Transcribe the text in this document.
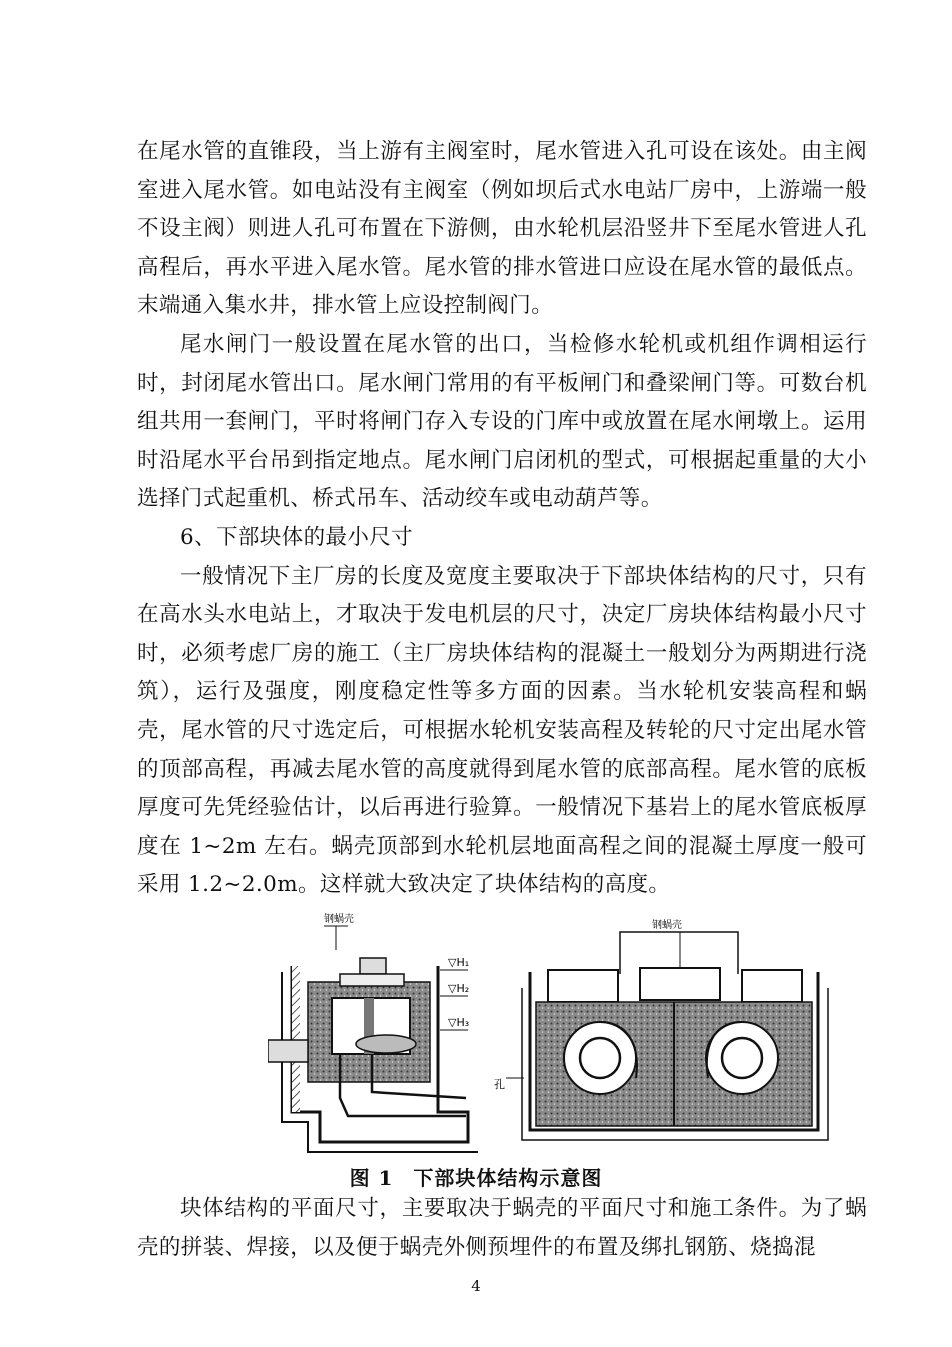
在尾水管的直锥段，当上游有主阀室时，尾水管进入孔可设在该处。由主阀室进入尾水管。如电站没有主阀室（例如坝后式水电站厂房中，上游端一般不设主阀）则进人孔可布置在下游侧，由水轮机层沿竖井下至尾水管进人孔高程后，再水平进入尾水管。尾水管的排水管进口应设在尾水管的最低点。末端通入集水井，排水管上应设控制阀门。

尾水闸门一般设置在尾水管的出口，当检修水轮机或机组作调相运行时，封闭尾水管出口。尾水闸门常用的有平板闸门和叠梁闸门等。可数台机组共用一套闸门，平时将闸门存入专设的门库中或放置在尾水闸墩上。运用时沿尾水平台吊到指定地点。尾水闸门启闭机的型式，可根据起重量的大小选择门式起重机、桥式吊车、活动绞车或电动葫芦等。

6、下部块体的最小尺寸

一般情况下主厂房的长度及宽度主要取决于下部块体结构的尺寸，只有在高水头水电站上，才取决于发电机层的尺寸，决定厂房块体结构最小尺寸时，必须考虑厂房的施工（主厂房块体结构的混凝土一般划分为两期进行浇筑），运行及强度，刚度稳定性等多方面的因素。当水轮机安装高程和蜗壳，尾水管的尺寸选定后，可根据水轮机安装高程及转轮的尺寸定出尾水管的顶部高程，再减去尾水管的高度就得到尾水管的底部高程。尾水管的底板厚度可先凭经验估计，以后再进行验算。一般情况下基岩上的尾水管底板厚度在 1~2m 左右。蜗壳顶部到水轮机层地面高程之间的混凝土厚度一般可采用 1.2~2.0m。这样就大致决定了块体结构的高度。

钢蜗壳
▽H₁
▽H₂
▽H₃
钢蜗壳
孔
图 1 下部块体结构示意图

块体结构的平面尺寸，主要取决于蜗壳的平面尺寸和施工条件。为了蜗壳的拼装、焊接，以及便于蜗壳外侧预埋件的布置及绑扎钢筋、烧捣混

4
